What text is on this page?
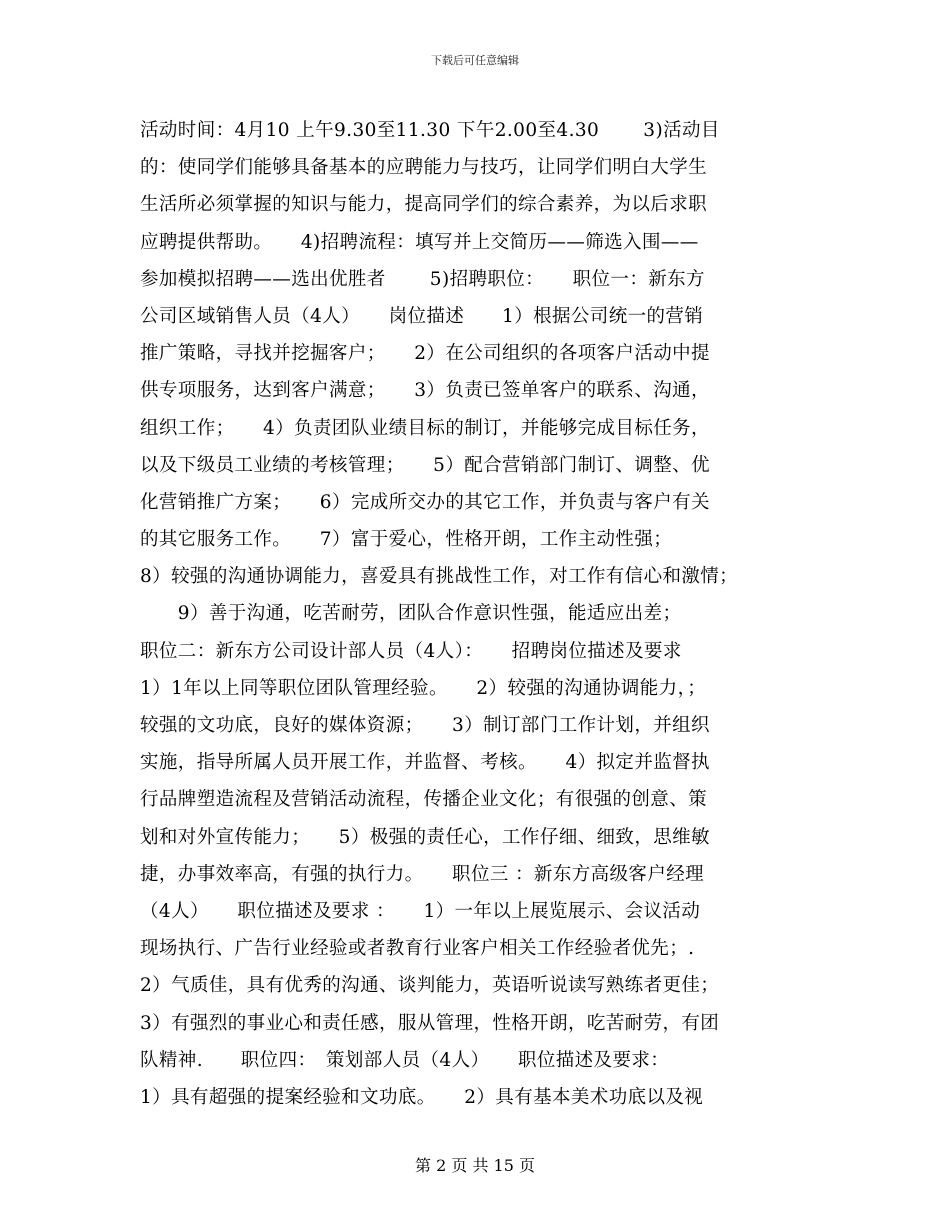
下载后可任意编辑
活动时间：4月10 上午9.30至11.30 下午2.00至4.30　　 3)活动目
的：使同学们能够具备基本的应聘能力与技巧，让同学们明白大学生
生活所必须掌握的知识与能力，提高同学们的综合素养，为以后求职
应聘提供帮助。　　4)招聘流程：填写并上交简历——筛选入围——
参加模拟招聘——选出优胜者　　 5)招聘职位：　　职位一：新东方
公司区域销售人员（4人）　　岗位描述　　1）根据公司统一的营销
推广策略，寻找并挖掘客户；　　2）在公司组织的各项客户活动中提
供专项服务，达到客户满意；　　3）负责已签单客户的联系、沟通，
组织工作；　　4）负责团队业绩目标的制订，并能够完成目标任务，
以及下级员工业绩的考核管理；　　5）配合营销部门制订、调整、优
化营销推广方案；　　6）完成所交办的其它工作，并负责与客户有关
的其它服务工作。　　7）富于爱心，性格开朗，工作主动性强；
8）较强的沟通协调能力，喜爱具有挑战性工作，对工作有信心和激情；
　　9）善于沟通，吃苦耐劳，团队合作意识性强，能适应出差；
职位二：新东方公司设计部人员（4人）：　　招聘岗位描述及要求
1）1年以上同等职位团队管理经验。　　2）较强的沟通协调能力，；
较强的文功底，良好的媒体资源；　　3）制订部门工作计划，并组织
实施，指导所属人员开展工作，并监督、考核。　　4）拟定并监督执
行品牌塑造流程及营销活动流程，传播企业文化；有很强的创意、策
划和对外宣传能力；　　5）极强的责任心，工作仔细、细致，思维敏
捷，办事效率高，有强的执行力。　　职位三 ：新东方高级客户经理
（4人）　　职位描述及要求 ：　　1）一年以上展览展示、会议活动
现场执行、广告行业经验或者教育行业客户相关工作经验者优先；.
2）气质佳，具有优秀的沟通、谈判能力，英语听说读写熟练者更佳；
3）有强烈的事业心和责任感，服从管理，性格开朗，吃苦耐劳，有团
队精神.　　职位四：　策划部人员（4人）　　职位描述及要求：
1）具有超强的提案经验和文功底。　　2）具有基本美术功底以及视
第 2 页 共 15 页
